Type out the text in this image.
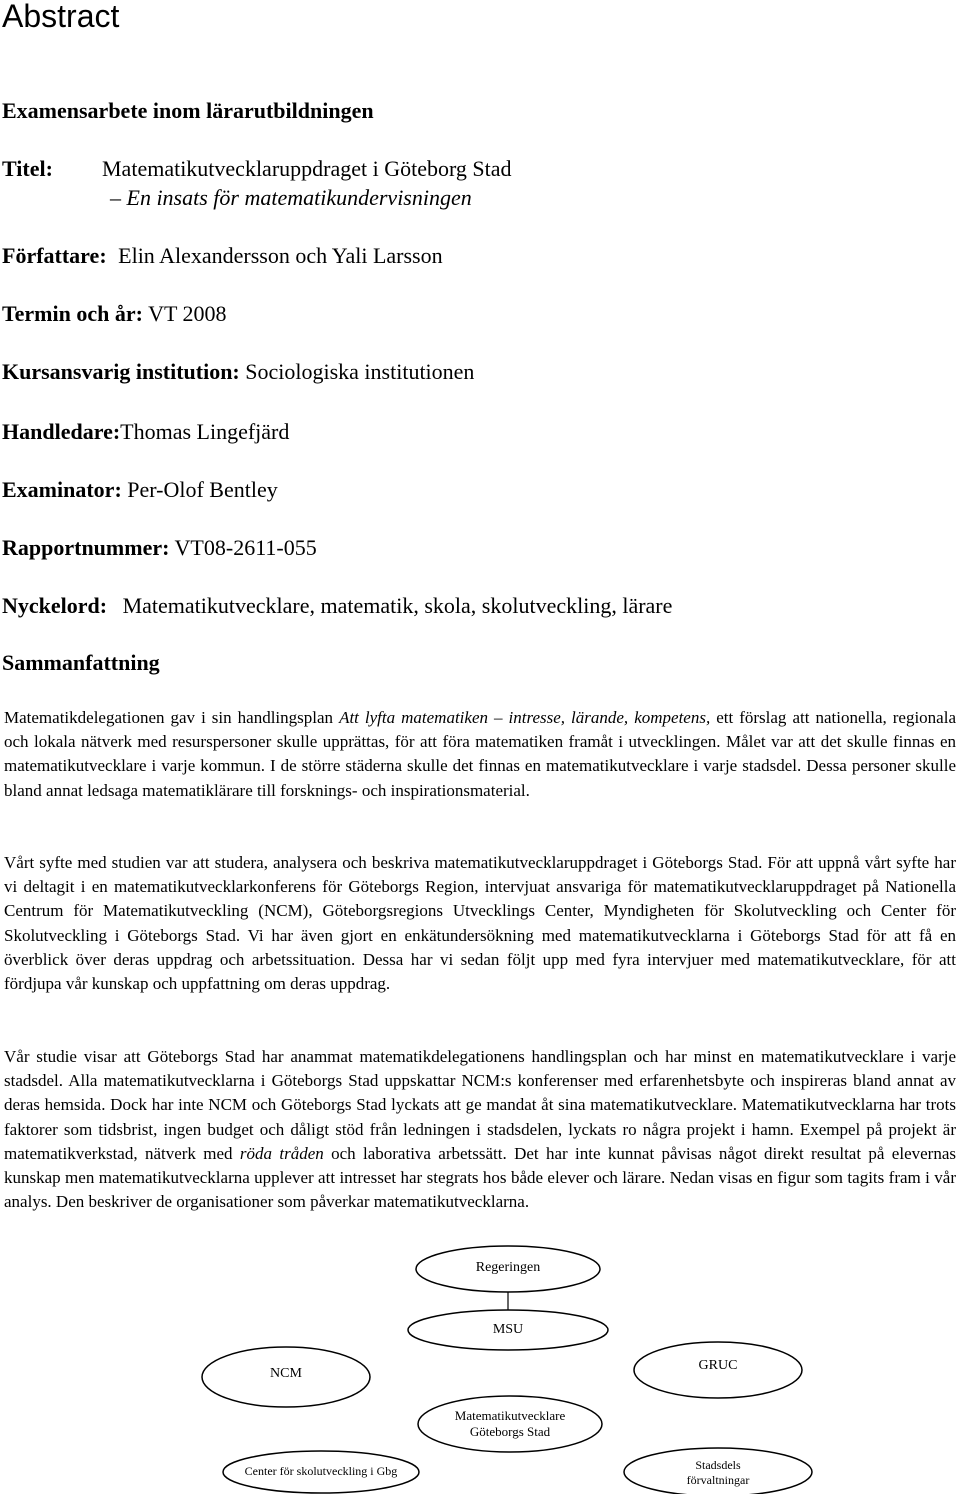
Abstract
Examensarbete inom lärarutbildningen
Titel: Matematikutvecklaruppdraget i Göteborg Stad
– En insats för matematikundervisningen
Författare: Elin Alexandersson och Yali Larsson
Termin och år: VT 2008
Kursansvarig institution: Sociologiska institutionen
Handledare:Thomas Lingefjärd
Examinator: Per-Olof Bentley
Rapportnummer: VT08-2611-055
Nyckelord: Matematikutvecklare, matematik, skola, skolutveckling, lärare
Sammanfattning
Matematikdelegationen gav i sin handlingsplan Att lyfta matematiken – intresse, lärande, kompetens, ett förslag att nationella, regionala och lokala nätverk med resurspersoner skulle upprättas, för att föra matematiken framåt i utvecklingen. Målet var att det skulle finnas en matematikutvecklare i varje kommun. I de större städerna skulle det finnas en matematikutvecklare i varje stadsdel. Dessa personer skulle bland annat ledsaga matematiklärare till forsknings- och inspirationsmaterial.
Vårt syfte med studien var att studera, analysera och beskriva matematikutvecklaruppdraget i Göteborgs Stad. För att uppnå vårt syfte har vi deltagit i en matematikutvecklarkonferens för Göteborgs Region, intervjuat ansvariga för matematikutvecklaruppdraget på Nationella Centrum för Matematikutveckling (NCM), Göteborgsregions Utvecklings Center, Myndigheten för Skolutveckling och Center för Skolutveckling i Göteborgs Stad. Vi har även gjort en enkätundersökning med matematikutvecklarna i Göteborgs Stad för att få en överblick över deras uppdrag och arbetssituation. Dessa har vi sedan följt upp med fyra intervjuer med matematikutvecklare, för att fördjupa vår kunskap och uppfattning om deras uppdrag.
Vår studie visar att Göteborgs Stad har anammat matematikdelegationens handlingsplan och har minst en matematikutvecklare i varje stadsdel. Alla matematikutvecklarna i Göteborgs Stad uppskattar NCM:s konferenser med erfarenhetsbyte och inspireras bland annat av deras hemsida. Dock har inte NCM och Göteborgs Stad lyckats att ge mandat åt sina matematikutvecklare. Matematikutvecklarna har trots faktorer som tidsbrist, ingen budget och dåligt stöd från ledningen i stadsdelen, lyckats ro några projekt i hamn. Exempel på projekt är matematikverkstad, nätverk med röda tråden och laborativa arbetssätt. Det har inte kunnat påvisas något direkt resultat på elevernas kunskap men matematikutvecklarna upplever att intresset har stegrats hos både elever och lärare. Nedan visas en figur som tagits fram i vår analys. Den beskriver de organisationer som påverkar matematikutvecklarna.
Regeringen
MSU
NCM
GRUC
Matematikutvecklare
Göteborgs Stad
Center för skolutveckling i Gbg	Stadsdels
förvaltningar
